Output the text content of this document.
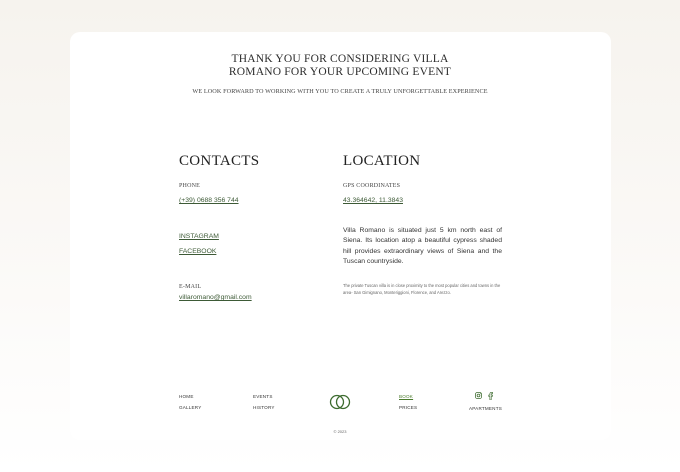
THANK YOU FOR CONSIDERING VILLA
ROMANO FOR YOUR UPCOMING EVENT
WE LOOK FORWARD TO WORKING WITH YOU TO CREATE A TRULY UNFORGETTABLE EXPERIENCE
CONTACTS
PHONE
(+39) 0688 356 744
INSTAGRAM
FACEBOOK
E-MAIL
villaromano@gmail.com
LOCATION
GPS COORDINATES
43.364642, 11.3843
Villa Romano is situated just 5 km north east of Siena. Its location atop a beautiful cypress shaded hill provides extraordinary views of Siena and the Tuscan countryside.
The private Tuscan villa is in close proximity to the most popular cities and towns in the area- San Gimignano, Monteriggioni, Florence, and Arezzo.
HOME
GALLERY
EVENTS
HISTORY
BOOK
PRICES	APARTMENTS
© 2023
